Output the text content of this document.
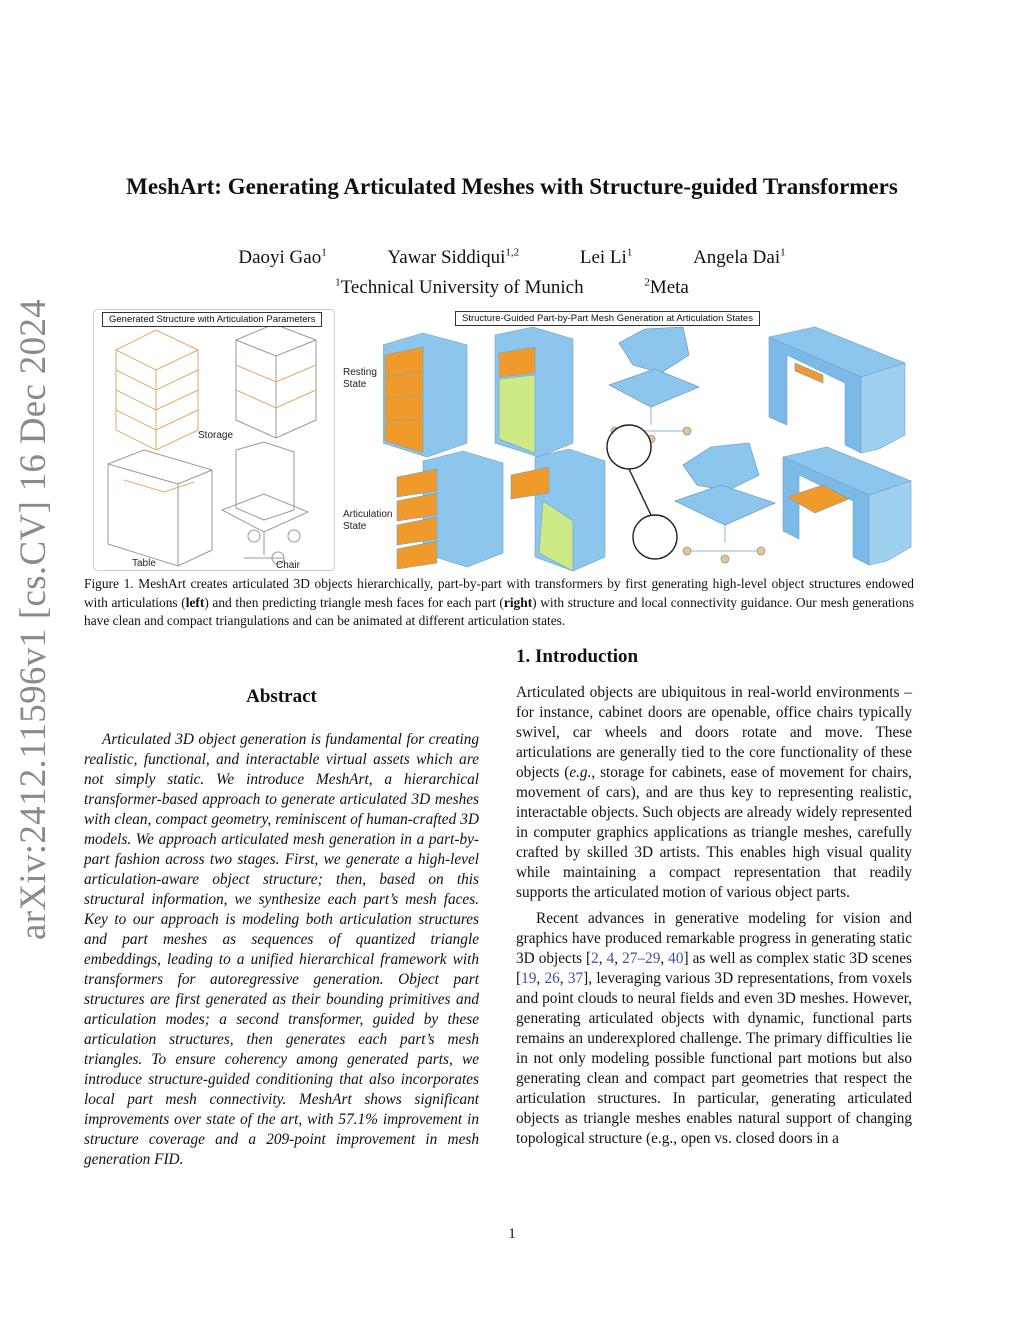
arXiv:2412.11596v1 [cs.CV] 16 Dec 2024
MeshArt: Generating Articulated Meshes with Structure-guided Transformers
Daoyi Gao$^1$	Yawar Siddiqui$^{1,2}$	Lei Li$^1$	Angela Dai$^1$
$^1$Technical University of Munich	$^2$Meta
Generated Structure with Articulation Parameters
Storage
Table	Chair
Structure-Guided Part-by-Part Mesh Generation at Articulation States
Resting
State
Articulation
State
Figure 1. MeshArt creates articulated 3D objects hierarchically, part-by-part with transformers by first generating high-level object structures endowed with articulations (left) and then predicting triangle mesh faces for each part (right) with structure and local connectivity guidance. Our mesh generations have clean and compact triangulations and can be animated at different articulation states.
Abstract

Articulated 3D object generation is fundamental for creating realistic, functional, and interactable virtual assets which are not simply static. We introduce MeshArt, a hierarchical transformer-based approach to generate articulated 3D meshes with clean, compact geometry, reminiscent of human-crafted 3D models. We approach articulated mesh generation in a part-by-part fashion across two stages. First, we generate a high-level articulation-aware object structure; then, based on this structural information, we synthesize each part’s mesh faces. Key to our approach is modeling both articulation structures and part meshes as sequences of quantized triangle embeddings, leading to a unified hierarchical framework with transformers for autoregressive generation. Object part structures are first generated as their bounding primitives and articulation modes; a second transformer, guided by these articulation structures, then generates each part’s mesh triangles. To ensure coherency among generated parts, we introduce structure-guided conditioning that also incorporates local part mesh connectivity. MeshArt shows significant improvements over state of the art, with 57.1% improvement in structure coverage and a 209-point improvement in mesh generation FID.

1. Introduction

Articulated objects are ubiquitous in real-world environments – for instance, cabinet doors are openable, office chairs typically swivel, car wheels and doors rotate and move. These articulations are generally tied to the core functionality of these objects (e.g., storage for cabinets, ease of movement for chairs, movement of cars), and are thus key to representing realistic, interactable objects. Such objects are already widely represented in computer graphics applications as triangle meshes, carefully crafted by skilled 3D artists. This enables high visual quality while maintaining a compact representation that readily supports the articulated motion of various object parts.

Recent advances in generative modeling for vision and graphics have produced remarkable progress in generating static 3D objects [2, 4, 27–29, 40] as well as complex static 3D scenes [19, 26, 37], leveraging various 3D representations, from voxels and point clouds to neural fields and even 3D meshes. However, generating articulated objects with dynamic, functional parts remains an underexplored challenge. The primary difficulties lie in not only modeling possible functional part motions but also generating clean and compact part geometries that respect the articulation structures. In particular, generating articulated objects as triangle meshes enables natural support of changing topological structure (e.g., open vs. closed doors in a

1
